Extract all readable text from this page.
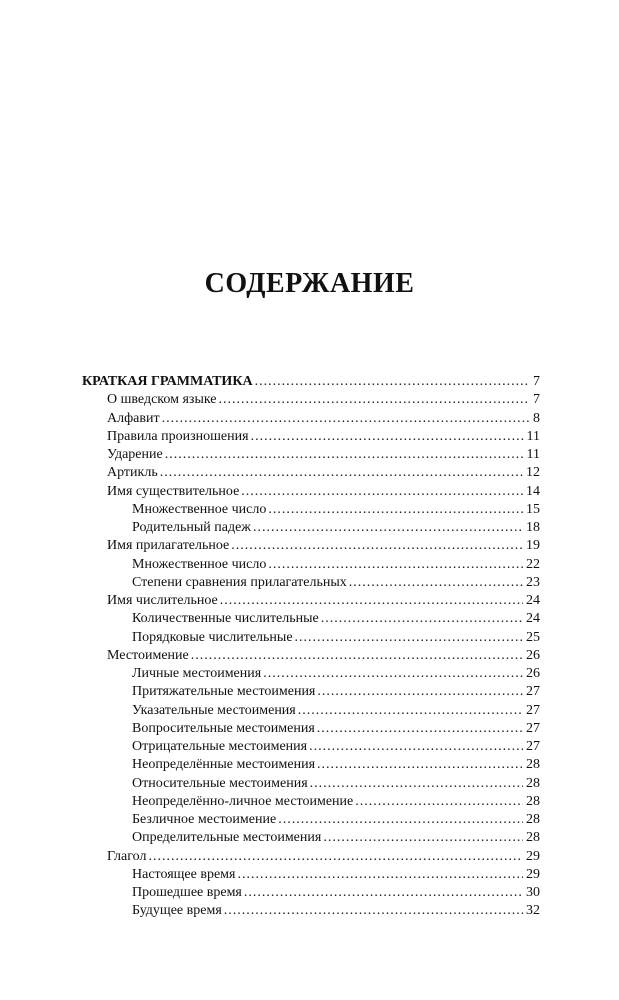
СОДЕРЖАНИЕ
КРАТКАЯ ГРАММАТИКА .....	7
О шведском языке .....	7
Алфавит .....	8
Правила произношения .....	11
Ударение .....	11
Артикль .....	12
Имя существительное .....	14
Множественное число .....	15
Родительный падеж .....	18
Имя прилагательное .....	19
Множественное число .....	22
Степени сравнения прилагательных .....	23
Имя числительное .....	24
Количественные числительные .....	24
Порядковые числительные .....	25
Местоимение .....	26
Личные местоимения .....	26
Притяжательные местоимения .....	27
Указательные местоимения .....	27
Вопросительные местоимения .....	27
Отрицательные местоимения .....	27
Неопределённые местоимения .....	28
Относительные местоимения .....	28
Неопределённо-личное местоимение .....	28
Безличное местоимение .....	28
Определительные местоимения .....	28
Глагол .....	29
Настоящее время .....	29
Прошедшее время .....	30
Будущее время .....	32
